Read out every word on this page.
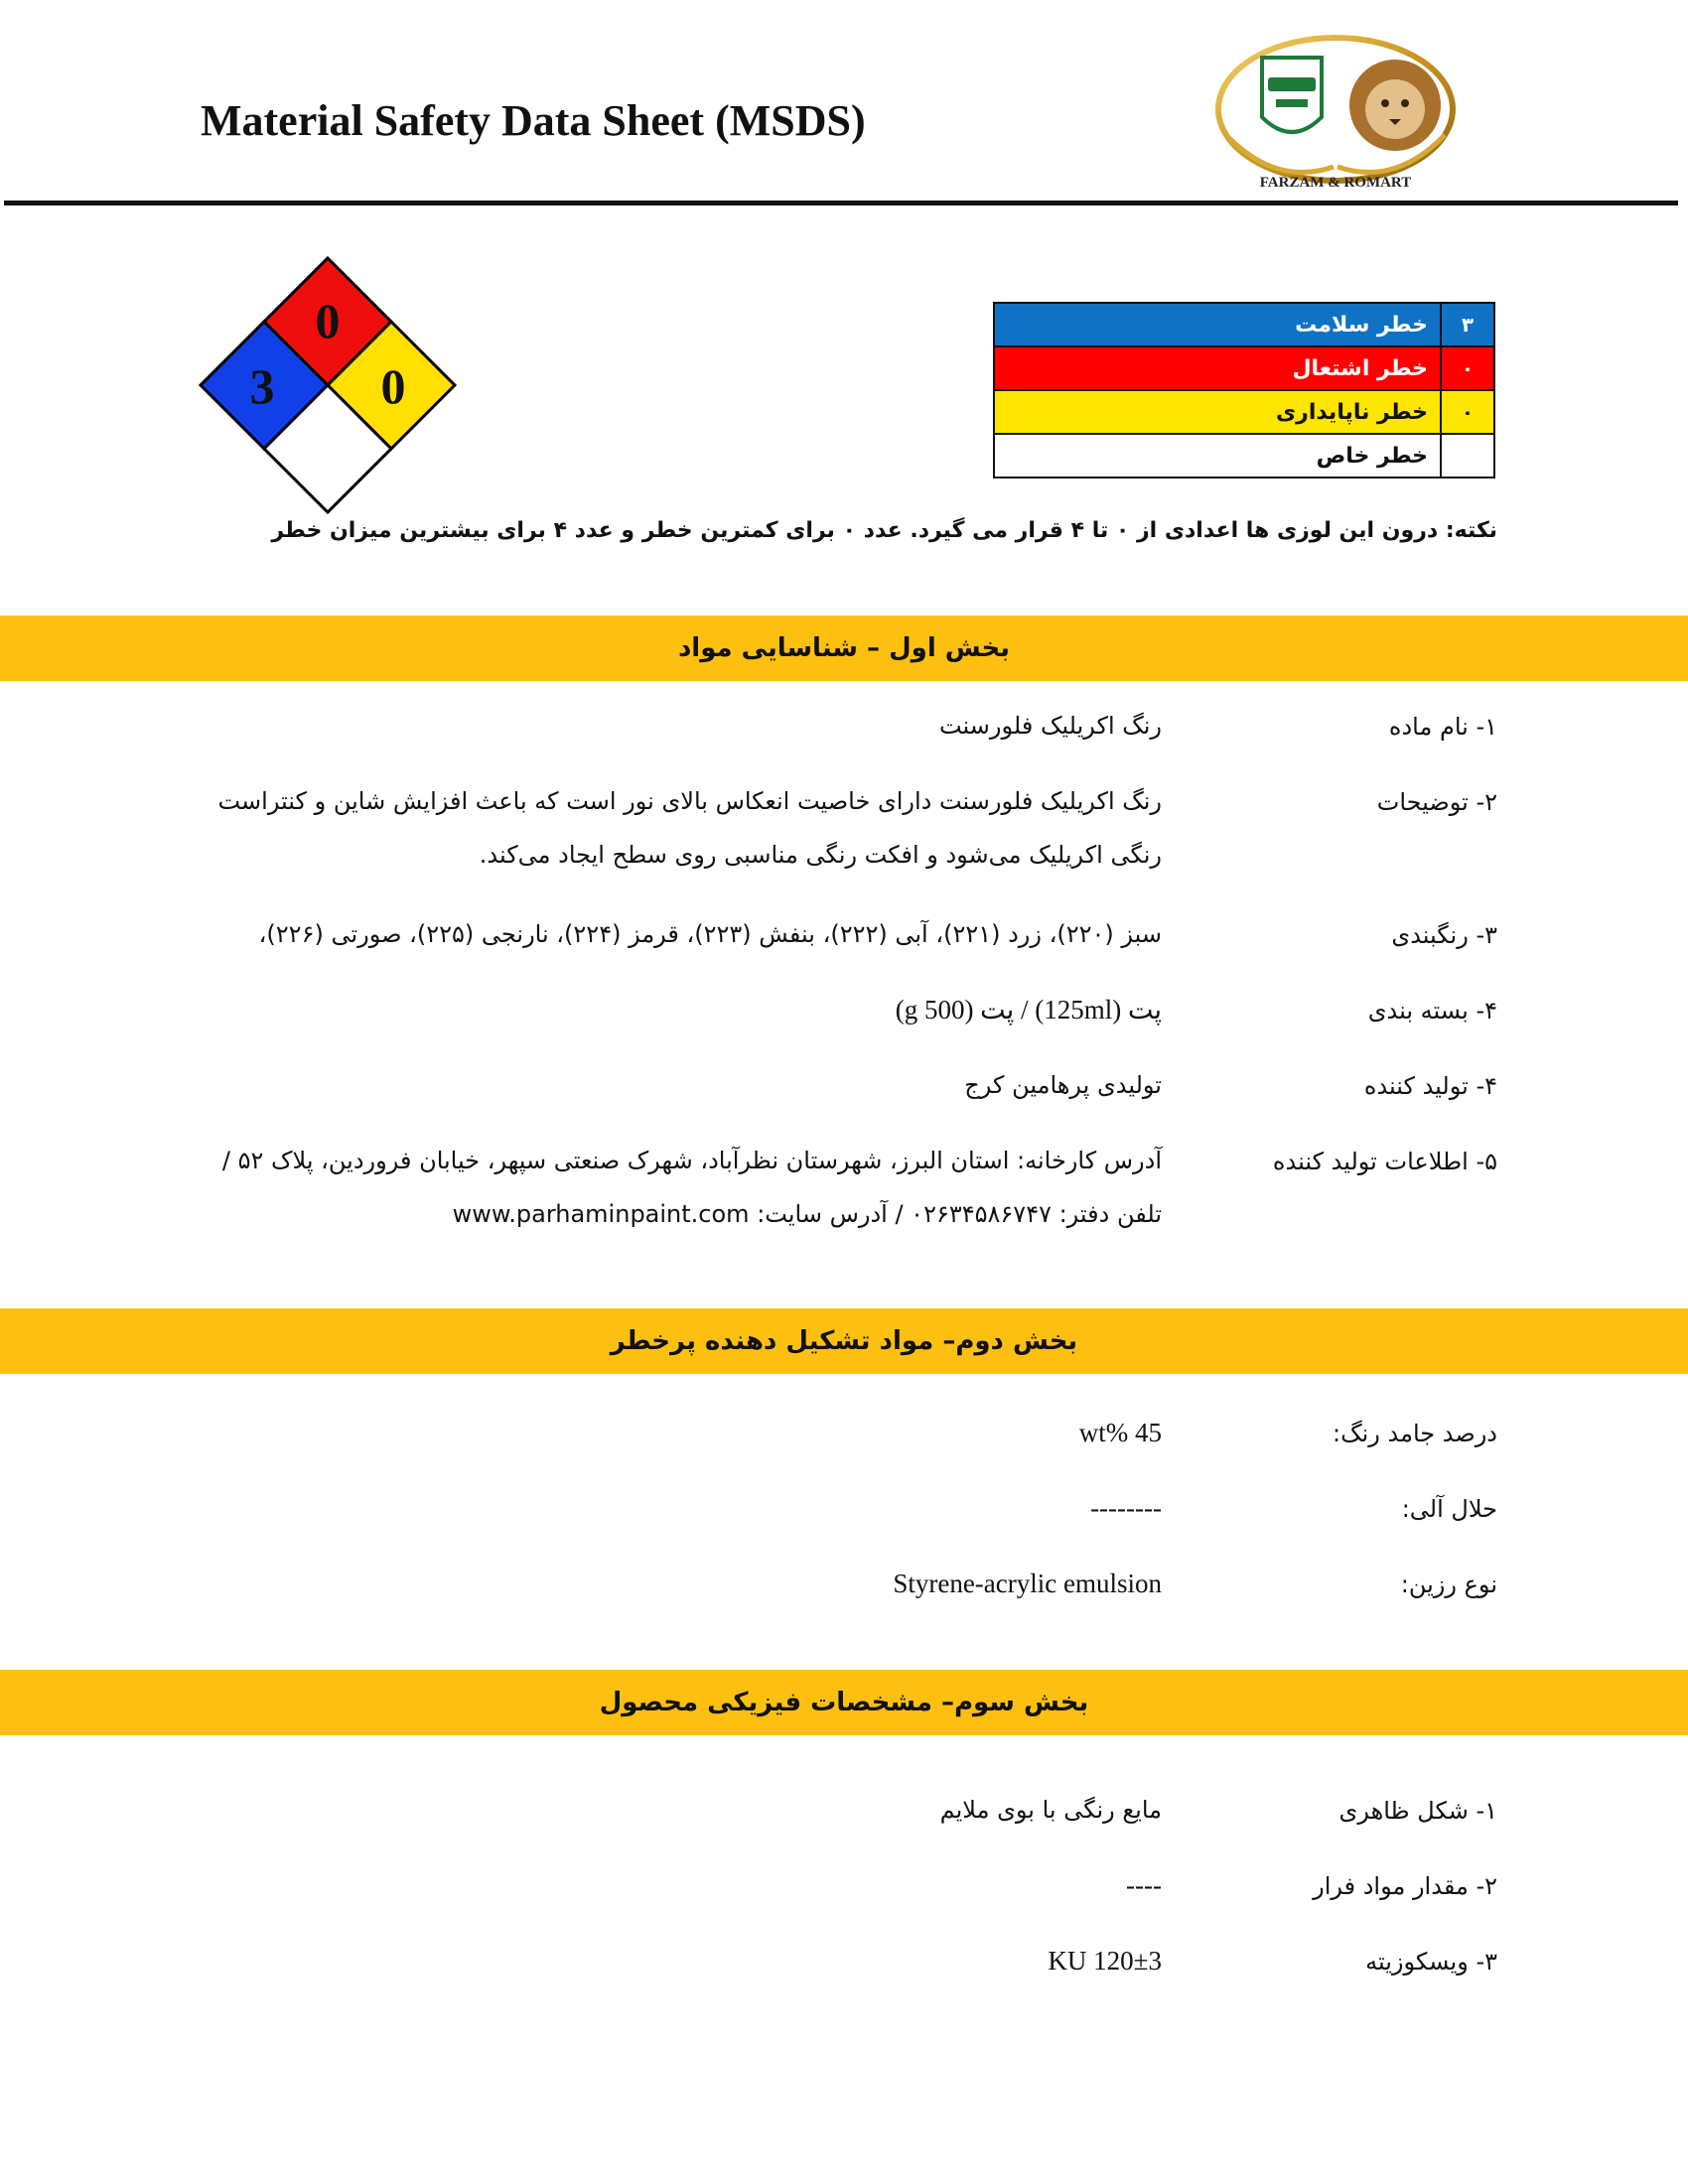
Material Safety Data Sheet (MSDS)
FARZAM & ROMART
0
3 0
۳	خطر سلامت
۰	خطر اشتعال
۰	خطر ناپایداری
	خطر خاص
نکته: درون این لوزی ها اعدادی از ۰ تا ۴ قرار می گیرد. عدد ۰ برای کمترین خطر و عدد ۴ برای بیشترین میزان خطر
بخش اول – شناسایی مواد
۱- نام ماده
رنگ اکریلیک فلورسنت
۲- توضیحات
رنگ اکریلیک فلورسنت دارای خاصیت انعکاس بالای نور است که باعث افزایش شاین و کنتراست رنگی اکریلیک می‌شود و افکت رنگی مناسبی روی سطح ایجاد می‌کند.
۳- رنگبندی
سبز (۲۲۰)، زرد (۲۲۱)، آبی (۲۲۲)، بنفش (۲۲۳)، قرمز (۲۲۴)، نارنجی (۲۲۵)، صورتی (۲۲۶)،
۴- بسته بندی
پت (125ml) / پت (500 g)
۴- تولید کننده
تولیدی پرهامین کرج
۵- اطلاعات تولید کننده
آدرس کارخانه: استان البرز، شهرستان نظرآباد، شهرک صنعتی سپهر، خیابان فروردین، پلاک ۵۲ / تلفن دفتر: ۰۲۶۳۴۵۸۶۷۴۷ / آدرس سایت: www.parhaminpaint.com
بخش دوم– مواد تشکیل دهنده پرخطر
درصد جامد رنگ:
45 %wt
حلال آلی:
--------
نوع رزین:
Styrene-acrylic emulsion
بخش سوم– مشخصات فیزیکی محصول
۱- شکل ظاهری
مایع رنگی با بوی ملایم
۲- مقدار مواد فرار
----
۳- ویسکوزیته
120±3 KU
